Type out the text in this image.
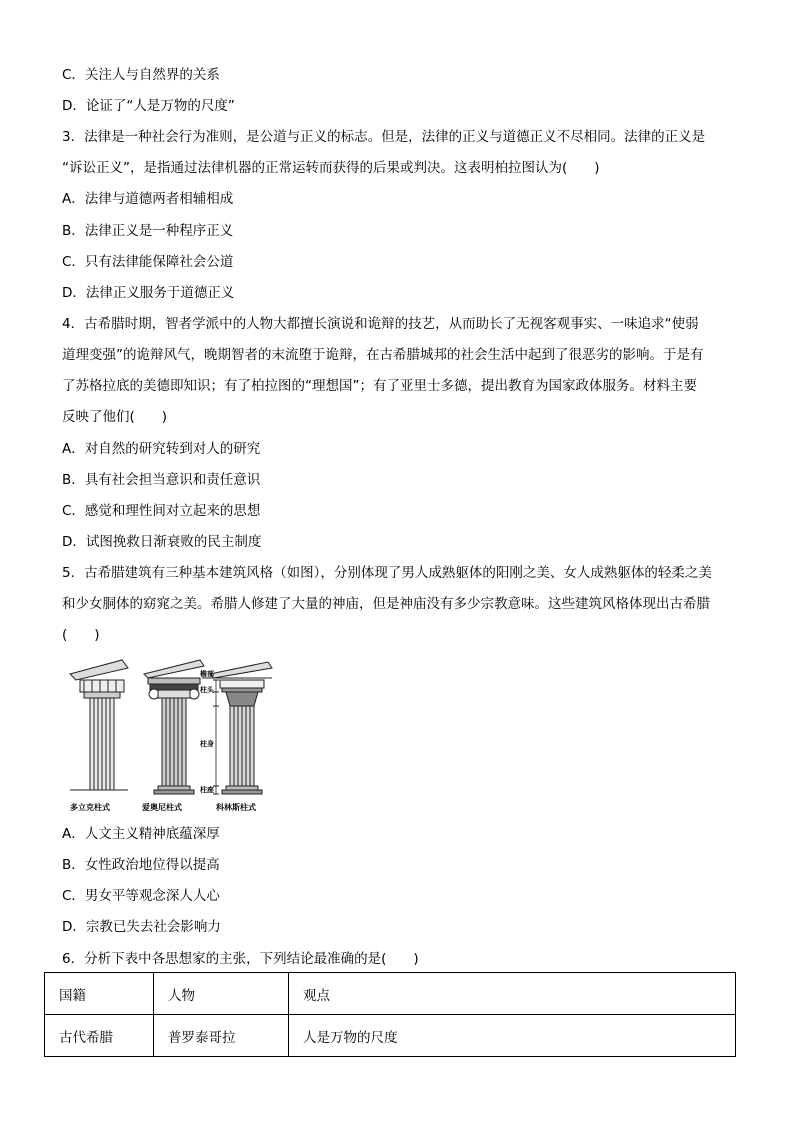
C．关注人与自然界的关系
D．论证了“人是万物的尺度”
3．法律是一种社会行为准则，是公道与正义的标志。但是，法律的正义与道德正义不尽相同。法律的正义是
“诉讼正义”，是指通过法律机器的正常运转而获得的后果或判决。这表明柏拉图认为(　　)
A．法律与道德两者相辅相成
B．法律正义是一种程序正义
C．只有法律能保障社会公道
D．法律正义服务于道德正义
4．古希腊时期，智者学派中的人物大都擅长演说和诡辩的技艺，从而助长了无视客观事实、一味追求“使弱
道理变强”的诡辩风气，晚期智者的末流堕于诡辩，在古希腊城邦的社会生活中起到了很恶劣的影响。于是有
了苏格拉底的美德即知识；有了柏拉图的“理想国”；有了亚里士多德，提出教育为国家政体服务。材料主要
反映了他们(　　)
A．对自然的研究转到对人的研究
B．具有社会担当意识和责任意识
C．感觉和理性间对立起来的思想
D．试图挽救日渐衰败的民主制度
5．古希腊建筑有三种基本建筑风格（如图），分别体现了男人成熟躯体的阳刚之美、女人成熟躯体的轻柔之美
和少女胴体的窈窕之美。希腊人修建了大量的神庙，但是神庙没有多少宗教意味。这些建筑风格体现出古希腊
(　　)
檐部
柱头
柱身
柱座
多立克柱式	爱奥尼柱式	科林斯柱式
A．人文主义精神底蕴深厚
B．女性政治地位得以提高
C．男女平等观念深人人心
D．宗教已失去社会影响力
6．分析下表中各思想家的主张，下列结论最准确的是(　　)
国籍	人物	观点
古代希腊	普罗泰哥拉	人是万物的尺度
